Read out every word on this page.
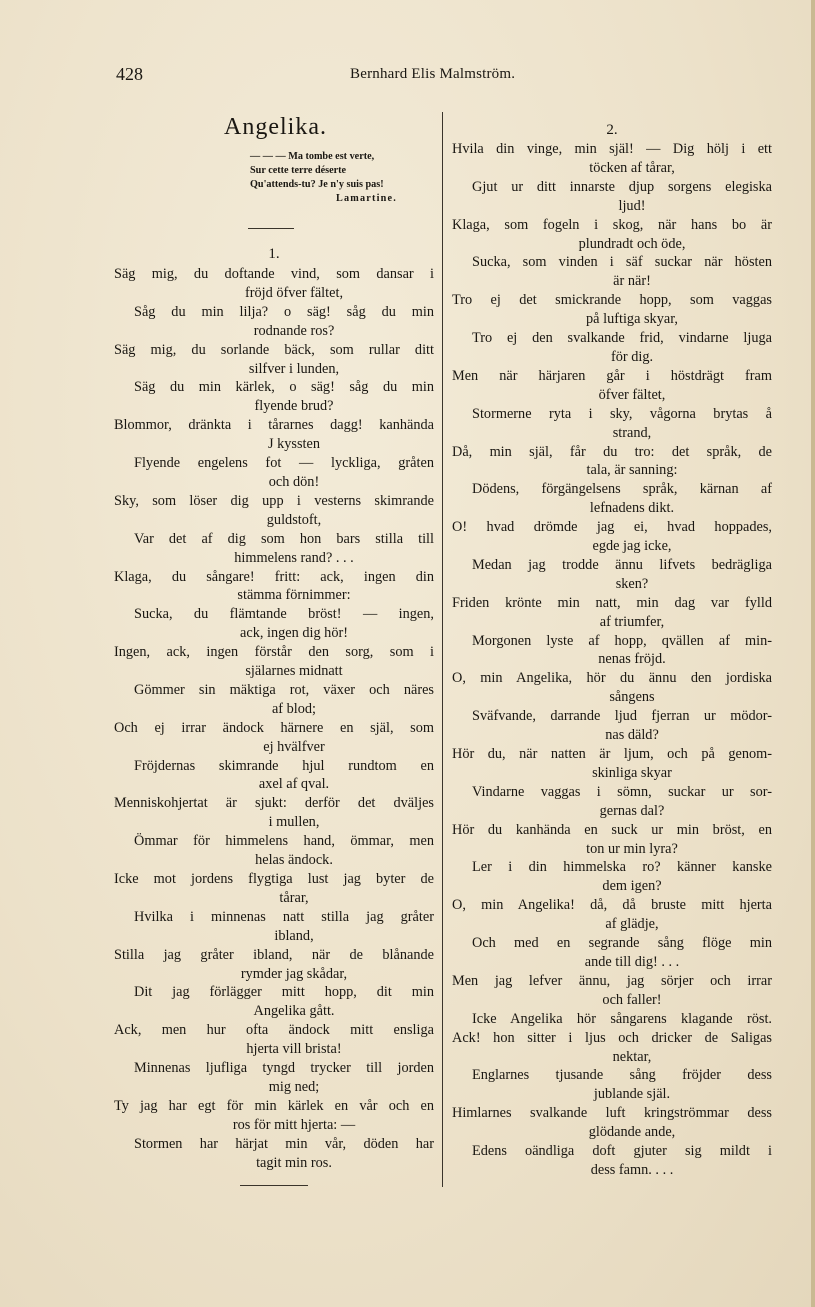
428	Bernhard Elis Malmström.
Angelika.
— — — Ma tombe est verte,
Sur cette terre déserte
Qu'attends-tu? Je n'y suis pas!
Lamartine.
1.
Säg mig, du doftande vind, som dansar i
fröjd öfver fältet,
Såg du min lilja? o säg! såg du min
rodnande ros?
Säg mig, du sorlande bäck, som rullar ditt
silfver i lunden,
Säg du min kärlek, o säg! såg du min
flyende brud?
Blommor, dränkta i tårarnes dagg! kanhända
J kyssten
Flyende engelens fot — lyckliga, gråten
och dön!
Sky, som löser dig upp i vesterns skimrande
guldstoft,
Var det af dig som hon bars stilla till
himmelens rand? . . .
Klaga, du sångare! fritt: ack, ingen din
stämma förnimmer:
Sucka, du flämtande bröst! — ingen,
ack, ingen dig hör!
Ingen, ack, ingen förstår den sorg, som i
själarnes midnatt
Gömmer sin mäktiga rot, växer och näres
af blod;
Och ej irrar ändock härnere en själ, som
ej hvälfver
Fröjdernas skimrande hjul rundtom en
axel af qval.
Menniskohjertat är sjukt: derför det dväljes
i mullen,
Ömmar för himmelens hand, ömmar, men
helas ändock.
Icke mot jordens flygtiga lust jag byter de
tårar,
Hvilka i minnenas natt stilla jag gråter
ibland,
Stilla jag gråter ibland, när de blånande
rymder jag skådar,
Dit jag förlägger mitt hopp, dit min
Angelika gått.
Ack, men hur ofta ändock mitt ensliga
hjerta vill brista!
Minnenas ljufliga tyngd trycker till jorden
mig ned;
Ty jag har egt för min kärlek en vår och en
ros för mitt hjerta: —
Stormen har härjat min vår, döden har
tagit min ros.
2.
Hvila din vinge, min själ! — Dig hölj i ett
töcken af tårar,
Gjut ur ditt innarste djup sorgens elegiska
ljud!
Klaga, som fogeln i skog, när hans bo är
plundradt och öde,
Sucka, som vinden i säf suckar när hösten
är när!
Tro ej det smickrande hopp, som vaggas
på luftiga skyar,
Tro ej den svalkande frid, vindarne ljuga
för dig.
Men när härjaren går i höstdrägt fram
öfver fältet,
Stormerne ryta i sky, vågorna brytas å
strand,
Då, min själ, får du tro: det språk, de
tala, är sanning:
Dödens, förgängelsens språk, kärnan af
lefnadens dikt.
O! hvad drömde jag ei, hvad hoppades,
egde jag icke,
Medan jag trodde ännu lifvets bedrägliga
sken?
Friden krönte min natt, min dag var fylld
af triumfer,
Morgonen lyste af hopp, qvällen af min-
nenas fröjd.
O, min Angelika, hör du ännu den jordiska
sångens
Sväfvande, darrande ljud fjerran ur mödor-
nas däld?
Hör du, när natten är ljum, och på genom-
skinliga skyar
Vindarne vaggas i sömn, suckar ur sor-
gernas dal?
Hör du kanhända en suck ur min bröst, en
ton ur min lyra?
Ler i din himmelska ro? känner kanske
dem igen?
O, min Angelika! då, då bruste mitt hjerta
af glädje,
Och med en segrande sång flöge min
ande till dig! . . .
Men jag lefver ännu, jag sörjer och irrar
och faller!
Icke Angelika hör sångarens klagande röst.
Ack! hon sitter i ljus och dricker de Saligas
nektar,
Englarnes tjusande sång fröjder dess
jublande själ.
Himlarnes svalkande luft kringströmmar dess
glödande ande,
Edens oändliga doft gjuter sig mildt i
dess famn. . . .
